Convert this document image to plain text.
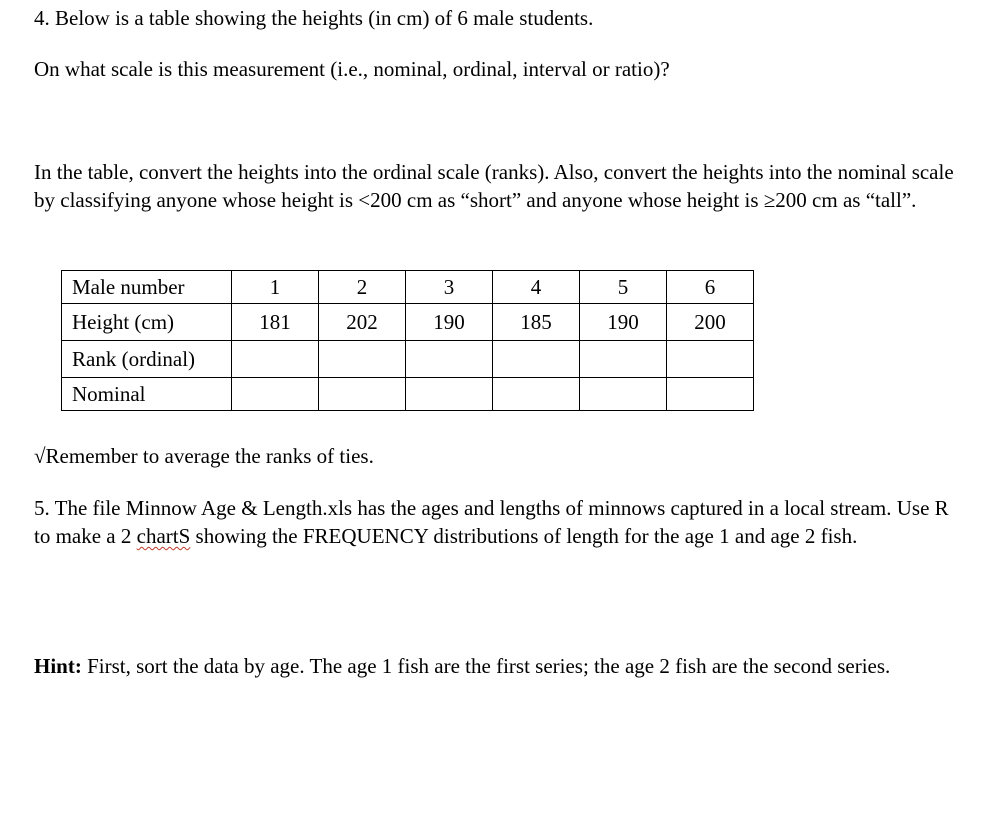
4. Below is a table showing the heights (in cm) of 6 male students.

On what scale is this measurement (i.e., nominal, ordinal, interval or ratio)?

In the table, convert the heights into the ordinal scale (ranks). Also, convert the heights into the nominal scale by classifying anyone whose height is <200 cm as “short” and anyone whose height is ≥200 cm as “tall”.

Male number	1	2	3	4	5	6
Height (cm)	181	202	190	185	190	200
Rank (ordinal)						
Nominal						

√Remember to average the ranks of ties.

5. The file Minnow Age & Length.xls has the ages and lengths of minnows captured in a local stream. Use R to make a 2 chartS showing the FREQUENCY distributions of length for the age 1 and age 2 fish.

Hint: First, sort the data by age. The age 1 fish are the first series; the age 2 fish are the second series.
